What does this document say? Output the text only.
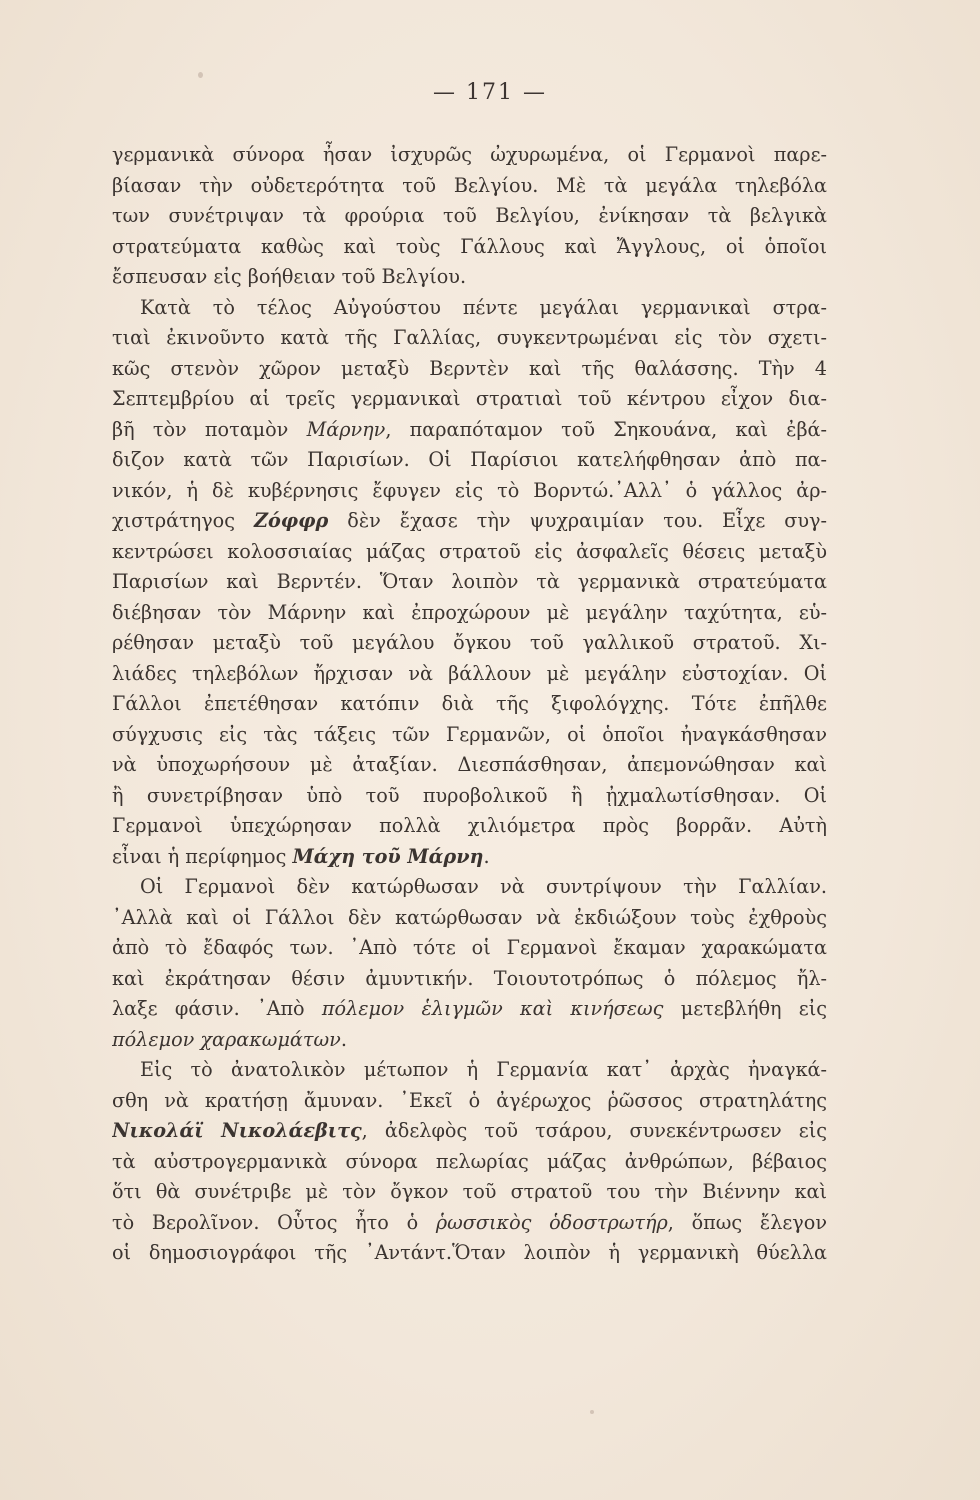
— 171 —
γερμανικὰ σύνορα ἦσαν ἰσχυρῶς ὠχυρωμένα, οἱ Γερμανοὶ παρε-
βίασαν τὴν οὐδετερότητα τοῦ Βελγίου. Μὲ τὰ μεγάλα τηλεβόλα
των συνέτριψαν τὰ φρούρια τοῦ Βελγίου, ἐνίκησαν τὰ βελγικὰ
στρατεύματα καθὼς καὶ τοὺς Γάλλους καὶ Ἄγγλους, οἱ ὁποῖοι
ἔσπευσαν εἰς βοήθειαν τοῦ Βελγίου.
Κατὰ τὸ τέλος Αὐγούστου πέντε μεγάλαι γερμανικαὶ στρα-
τιαὶ ἐκινοῦντο κατὰ τῆς Γαλλίας, συγκεντρωμέναι εἰς τὸν σχετι-
κῶς στενὸν χῶρον μεταξὺ Βερντὲν καὶ τῆς θαλάσσης. Τὴν 4
Σεπτεμβρίου αἱ τρεῖς γερμανικαὶ στρατιαὶ τοῦ κέντρου εἶχον δια-
βῆ τὸν ποταμὸν Μάρνην, παραπόταμον τοῦ Σηκουάνα, καὶ ἐβά-
διζον κατὰ τῶν Παρισίων. Οἱ Παρίσιοι κατελήφθησαν ἀπὸ πα-
νικόν, ἡ δὲ κυβέρνησις ἔφυγεν εἰς τὸ Βορντώ.᾿Αλλ᾿ ὁ γάλλος ἀρ-
χιστράτηγος Ζόφφρ δὲν ἔχασε τὴν ψυχραιμίαν του. Εἶχε συγ-
κεντρώσει κολοσσιαίας μάζας στρατοῦ εἰς ἀσφαλεῖς θέσεις μεταξὺ
Παρισίων καὶ Βερντέν. Ὅταν λοιπὸν τὰ γερμανικὰ στρατεύματα
διέβησαν τὸν Μάρνην καὶ ἐπροχώρουν μὲ μεγάλην ταχύτητα, εὑ-
ρέθησαν μεταξὺ τοῦ μεγάλου ὄγκου τοῦ γαλλικοῦ στρατοῦ. Χι-
λιάδες τηλεβόλων ἤρχισαν νὰ βάλλουν μὲ μεγάλην εὐστοχίαν. Οἱ
Γάλλοι ἐπετέθησαν κατόπιν διὰ τῆς ξιφολόγχης. Τότε ἐπῆλθε
σύγχυσις εἰς τὰς τάξεις τῶν Γερμανῶν, οἱ ὁποῖοι ἠναγκάσθησαν
νὰ ὑποχωρήσουν μὲ ἀταξίαν. Διεσπάσθησαν, ἀπεμονώθησαν καὶ
ἢ συνετρίβησαν ὑπὸ τοῦ πυροβολικοῦ ἢ ᾐχμαλωτίσθησαν. Οἱ
Γερμανοὶ ὑπεχώρησαν πολλὰ χιλιόμετρα πρὸς βορρᾶν. Αὐτὴ
εἶναι ἡ περίφημος Μάχη τοῦ Μάρνη.
Οἱ Γερμανοὶ δὲν κατώρθωσαν νὰ συντρίψουν τὴν Γαλλίαν.
᾿Αλλὰ καὶ οἱ Γάλλοι δὲν κατώρθωσαν νὰ ἐκδιώξουν τοὺς ἐχθροὺς
ἀπὸ τὸ ἔδαφός των. ᾿Απὸ τότε οἱ Γερμανοὶ ἔκαμαν χαρακώματα
καὶ ἐκράτησαν θέσιν ἀμυντικήν. Τοιουτοτρόπως ὁ πόλεμος ἤλ-
λαξε φάσιν. ᾿Απὸ πόλεμον ἑλιγμῶν καὶ κινήσεως μετεβλήθη εἰς
πόλεμον χαρακωμάτων.
Εἰς τὸ ἀνατολικὸν μέτωπον ἡ Γερμανία κατ᾿ ἀρχὰς ἠναγκά-
σθη νὰ κρατήσῃ ἄμυναν. ᾿Εκεῖ ὁ ἀγέρωχος ῥῶσσος στρατηλάτης
Νικολάϊ Νικολάεβιτς, ἀδελφὸς τοῦ τσάρου, συνεκέντρωσεν εἰς
τὰ αὐστρογερμανικὰ σύνορα πελωρίας μάζας ἀνθρώπων, βέβαιος
ὅτι θὰ συνέτριβε μὲ τὸν ὄγκον τοῦ στρατοῦ του τὴν Βιέννην καὶ
τὸ Βερολῖνον. Οὗτος ἦτο ὁ ῥωσσικὸς ὁδοστρωτήρ, ὅπως ἔλεγον
οἱ δημοσιογράφοι τῆς ᾿Αντάντ.Ὅταν λοιπὸν ἡ γερμανικὴ θύελλα
